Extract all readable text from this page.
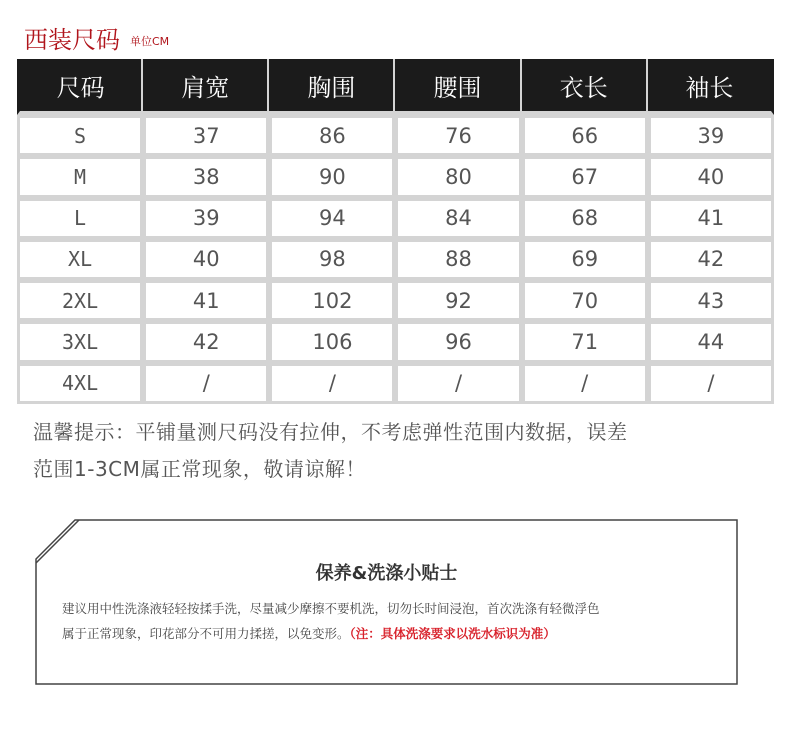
西装尺码 单位CM
尺码	肩宽	胸围	腰围	衣长	袖长
S	37	86	76	66	39
M	38	90	80	67	40
L	39	94	84	68	41
XL	40	98	88	69	42
2XL	41	102	92	70	43
3XL	42	106	96	71	44
4XL	/	/	/	/	/
温馨提示：平铺量测尺码没有拉伸，不考虑弹性范围内数据，误差
范围1-3CM属正常现象，敬请谅解！
保养&洗涤小贴士
建议用中性洗涤液轻轻按揉手洗，尽量减少摩擦不要机洗，切勿长时间浸泡，首次洗涤有轻微浮色
属于正常现象，印花部分不可用力揉搓，以免变形。（注：具体洗涤要求以洗水标识为准）
